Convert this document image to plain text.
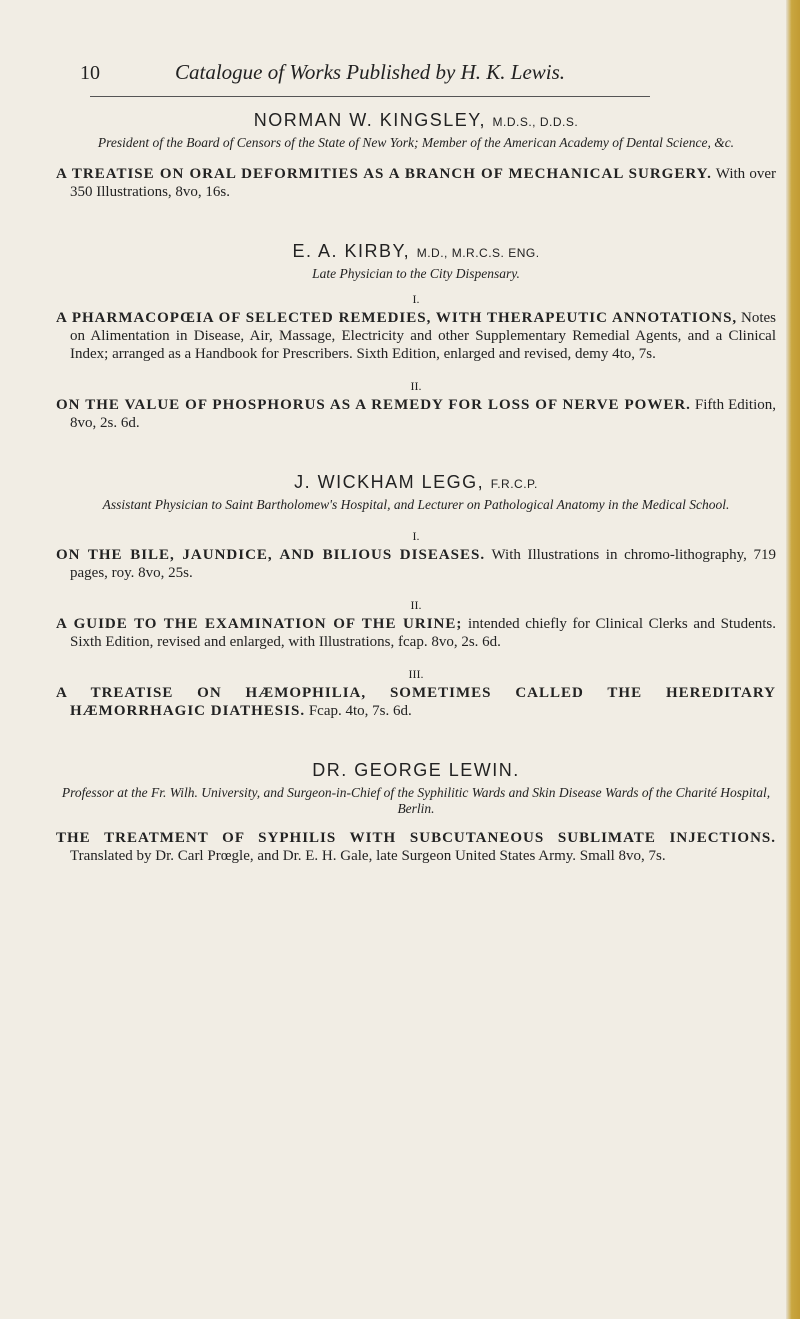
10	Catalogue of Works Published by H. K. Lewis.

NORMAN W. KINGSLEY, M.D.S., D.D.S.

President of the Board of Censors of the State of New York; Member of the American Academy of Dental Science, &c.

A TREATISE ON ORAL DEFORMITIES AS A BRANCH OF MECHANICAL SURGERY. With over 350 Illustrations, 8vo, 16s.

E. A. KIRBY, M.D., M.R.C.S. ENG.

Late Physician to the City Dispensary.

I.

A PHARMACOPŒIA OF SELECTED REMEDIES, WITH THERAPEUTIC ANNOTATIONS, Notes on Alimentation in Disease, Air, Massage, Electricity and other Supplementary Remedial Agents, and a Clinical Index; arranged as a Handbook for Prescribers. Sixth Edition, enlarged and revised, demy 4to, 7s.

II.

ON THE VALUE OF PHOSPHORUS AS A REMEDY FOR LOSS OF NERVE POWER. Fifth Edition, 8vo, 2s. 6d.

J. WICKHAM LEGG, F.R.C.P.

Assistant Physician to Saint Bartholomew's Hospital, and Lecturer on Pathological Anatomy in the Medical School.

I.

ON THE BILE, JAUNDICE, AND BILIOUS DISEASES. With Illustrations in chromo-lithography, 719 pages, roy. 8vo, 25s.

II.

A GUIDE TO THE EXAMINATION OF THE URINE; intended chiefly for Clinical Clerks and Students. Sixth Edition, revised and enlarged, with Illustrations, fcap. 8vo, 2s. 6d.

III.

A TREATISE ON HÆMOPHILIA, SOMETIMES CALLED THE HEREDITARY HÆMORRHAGIC DIATHESIS. Fcap. 4to, 7s. 6d.

DR. GEORGE LEWIN.

Professor at the Fr. Wilh. University, and Surgeon-in-Chief of the Syphilitic Wards and Skin Disease Wards of the Charité Hospital, Berlin.

THE TREATMENT OF SYPHILIS WITH SUBCUTANEOUS SUBLIMATE INJECTIONS. Translated by Dr. Carl Prœgle, and Dr. E. H. Gale, late Surgeon United States Army. Small 8vo, 7s.
